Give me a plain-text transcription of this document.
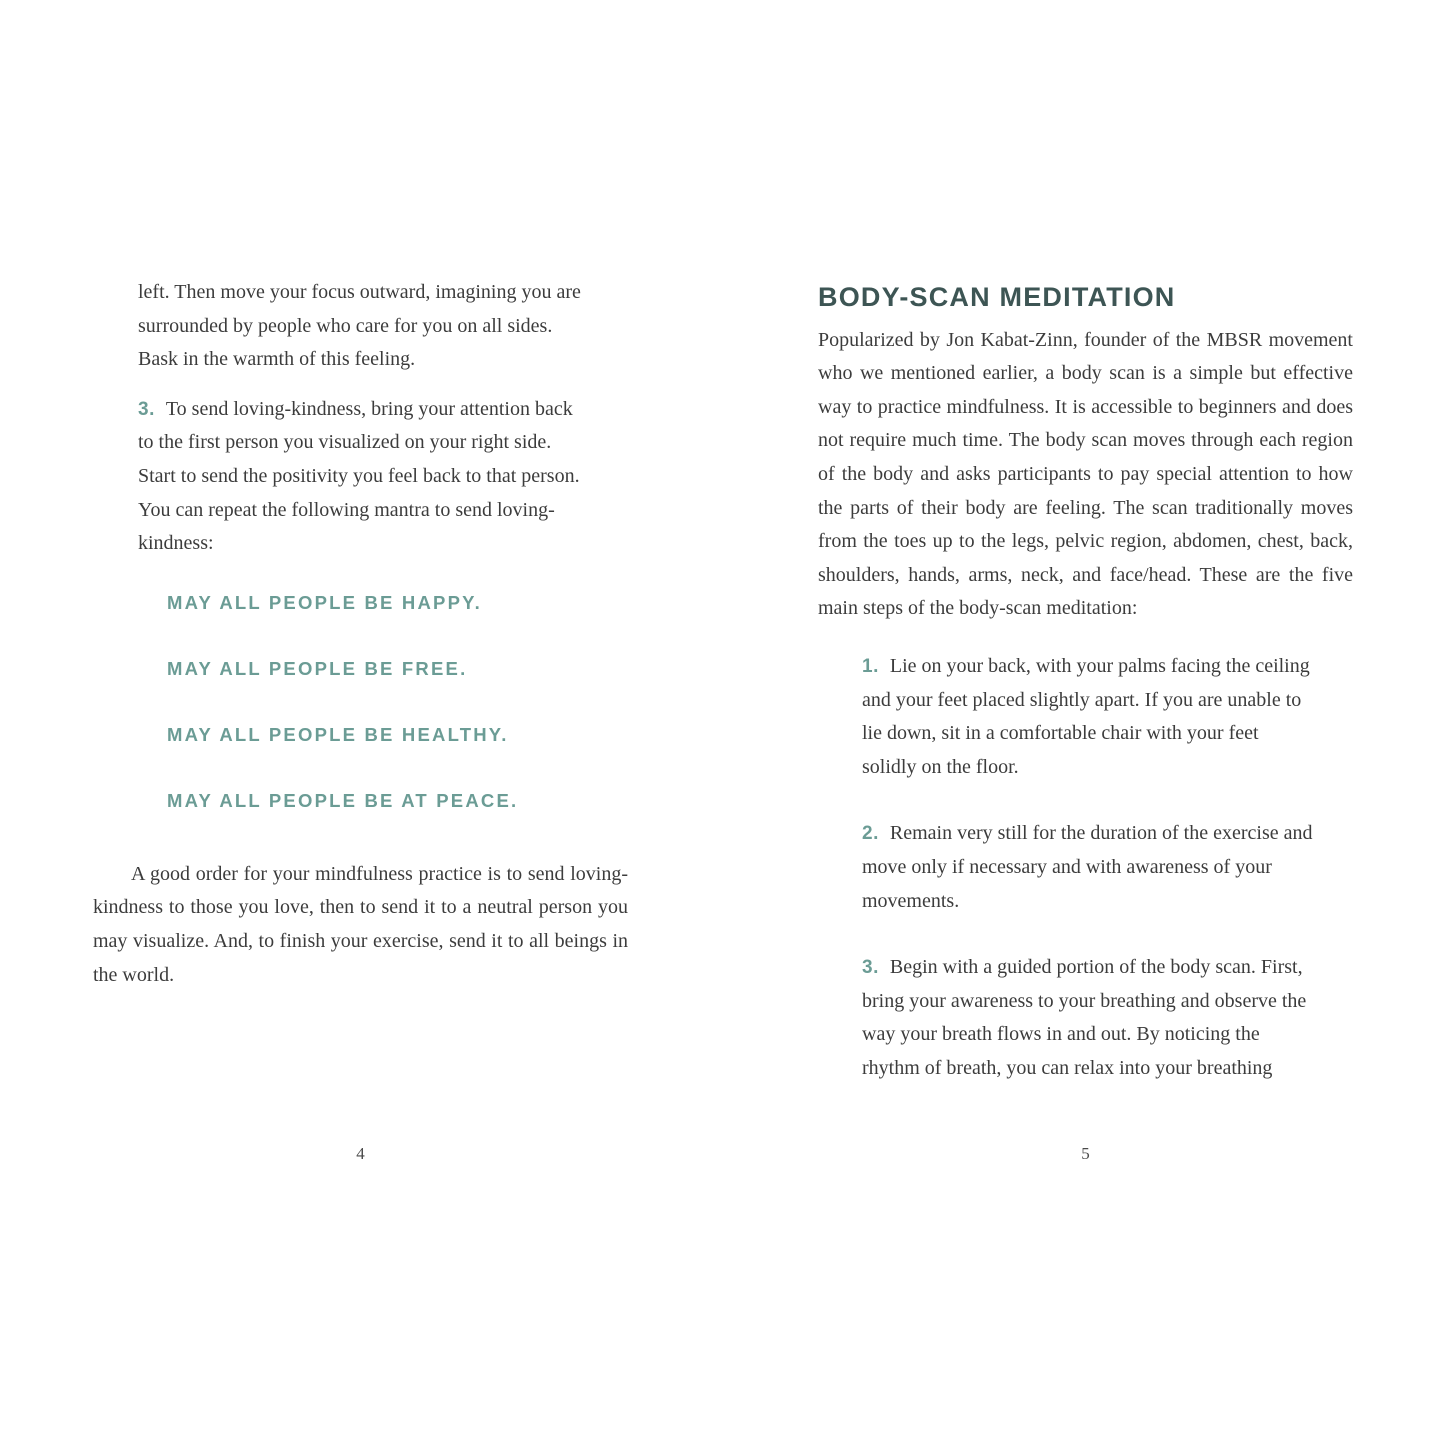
left. Then move your focus outward, imagining you are surrounded by people who care for you on all sides. Bask in the warmth of this feeling.

3. To send loving-kindness, bring your attention back to the first person you visualized on your right side. Start to send the positivity you feel back to that person. You can repeat the following mantra to send loving-kindness:

MAY ALL PEOPLE BE HAPPY.
MAY ALL PEOPLE BE FREE.
MAY ALL PEOPLE BE HEALTHY.
MAY ALL PEOPLE BE AT PEACE.

A good order for your mindfulness practice is to send loving-kindness to those you love, then to send it to a neutral person you may visualize. And, to finish your exercise, send it to all beings in the world.

4
BODY-SCAN MEDITATION

Popularized by Jon Kabat-Zinn, founder of the MBSR movement who we mentioned earlier, a body scan is a simple but effective way to practice mindfulness. It is accessible to beginners and does not require much time. The body scan moves through each region of the body and asks participants to pay special attention to how the parts of their body are feeling. The scan traditionally moves from the toes up to the legs, pelvic region, abdomen, chest, back, shoulders, hands, arms, neck, and face/head. These are the five main steps of the body-scan meditation:

1. Lie on your back, with your palms facing the ceiling and your feet placed slightly apart. If you are unable to lie down, sit in a comfortable chair with your feet solidly on the floor.

2. Remain very still for the duration of the exercise and move only if necessary and with awareness of your movements.

3. Begin with a guided portion of the body scan. First, bring your awareness to your breathing and observe the way your breath flows in and out. By noticing the rhythm of breath, you can relax into your breathing

5
